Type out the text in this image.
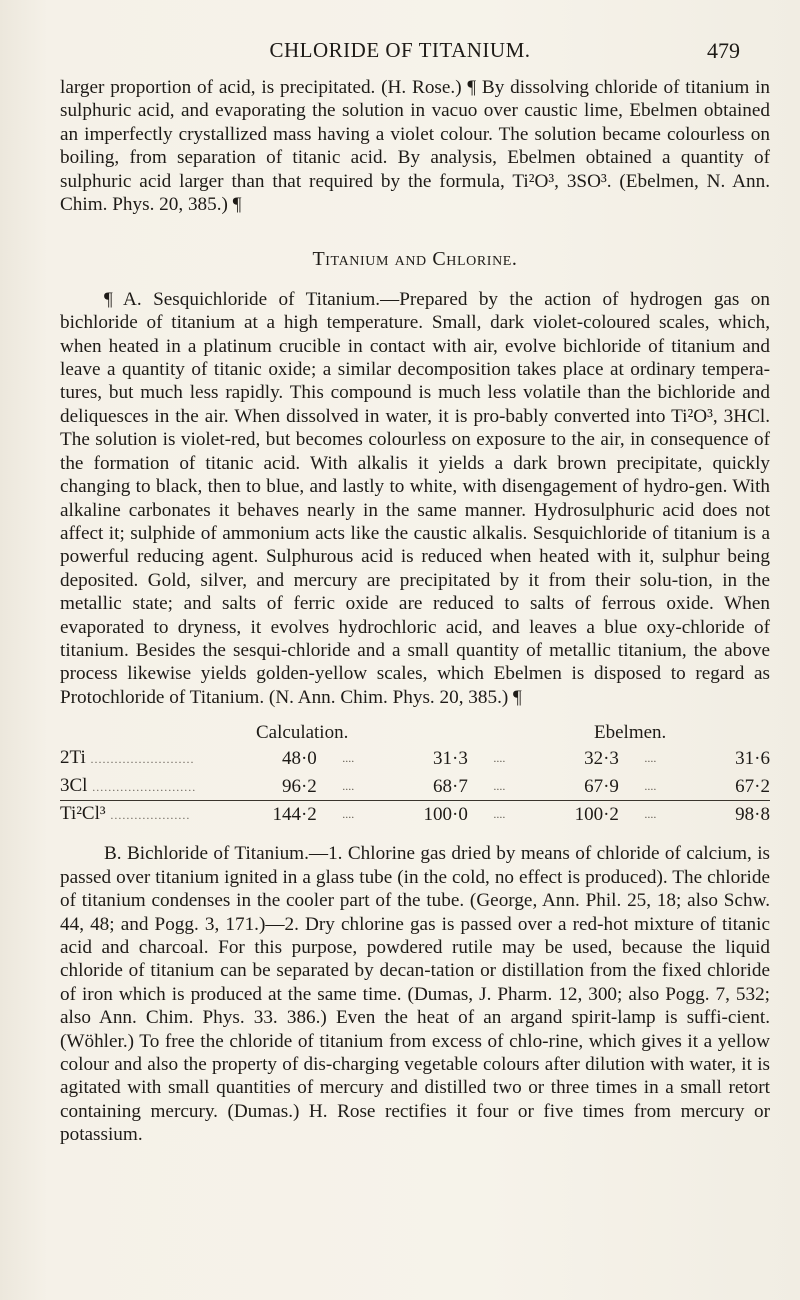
CHLORIDE OF TITANIUM.	479

larger proportion of acid, is precipitated. (H. Rose.) ¶ By dissolving chloride of titanium in sulphuric acid, and evaporating the solution in vacuo over caustic lime, Ebelmen obtained an imperfectly crystallized mass having a violet colour. The solution became colourless on boiling, from separation of titanic acid. By analysis, Ebelmen obtained a quantity of sulphuric acid larger than that required by the formula, Ti²O³, 3SO³. (Ebelmen, N. Ann. Chim. Phys. 20, 385.) ¶

Titanium and Chlorine.

¶ A. Sesquichloride of Titanium.—Prepared by the action of hydrogen gas on bichloride of titanium at a high temperature. Small, dark violet-coloured scales, which, when heated in a platinum crucible in contact with air, evolve bichloride of titanium and leave a quantity of titanic oxide; a similar decomposition takes place at ordinary tempera-tures, but much less rapidly. This compound is much less volatile than the bichloride and deliquesces in the air. When dissolved in water, it is pro-bably converted into Ti²O³, 3HCl. The solution is violet-red, but becomes colourless on exposure to the air, in consequence of the formation of titanic acid. With alkalis it yields a dark brown precipitate, quickly changing to black, then to blue, and lastly to white, with disengagement of hydro-gen. With alkaline carbonates it behaves nearly in the same manner. Hydrosulphuric acid does not affect it; sulphide of ammonium acts like the caustic alkalis. Sesquichloride of titanium is a powerful reducing agent. Sulphurous acid is reduced when heated with it, sulphur being deposited. Gold, silver, and mercury are precipitated by it from their solu-tion, in the metallic state; and salts of ferric oxide are reduced to salts of ferrous oxide. When evaporated to dryness, it evolves hydrochloric acid, and leaves a blue oxy-chloride of titanium. Besides the sesqui-chloride and a small quantity of metallic titanium, the above process likewise yields golden-yellow scales, which Ebelmen is disposed to regard as Protochloride of Titanium. (N. Ann. Chim. Phys. 20, 385.) ¶

Calculation.	Ebelmen.
2Ti ..........................	48·0	....	31·3	....	32·3	....	31·6
3Cl ..........................	96·2	....	68·7	....	67·9	....	67·2
Ti²Cl³ ....................	144·2	....	100·0	....	100·2	....	98·8

B. Bichloride of Titanium.—1. Chlorine gas dried by means of chloride of calcium, is passed over titanium ignited in a glass tube (in the cold, no effect is produced). The chloride of titanium condenses in the cooler part of the tube. (George, Ann. Phil. 25, 18; also Schw. 44, 48; and Pogg. 3, 171.)—2. Dry chlorine gas is passed over a red-hot mixture of titanic acid and charcoal. For this purpose, powdered rutile may be used, because the liquid chloride of titanium can be separated by decan-tation or distillation from the fixed chloride of iron which is produced at the same time. (Dumas, J. Pharm. 12, 300; also Pogg. 7, 532; also Ann. Chim. Phys. 33. 386.) Even the heat of an argand spirit-lamp is suffi-cient. (Wöhler.) To free the chloride of titanium from excess of chlo-rine, which gives it a yellow colour and also the property of dis-charging vegetable colours after dilution with water, it is agitated with small quantities of mercury and distilled two or three times in a small retort containing mercury. (Dumas.) H. Rose rectifies it four or five times from mercury or potassium.
